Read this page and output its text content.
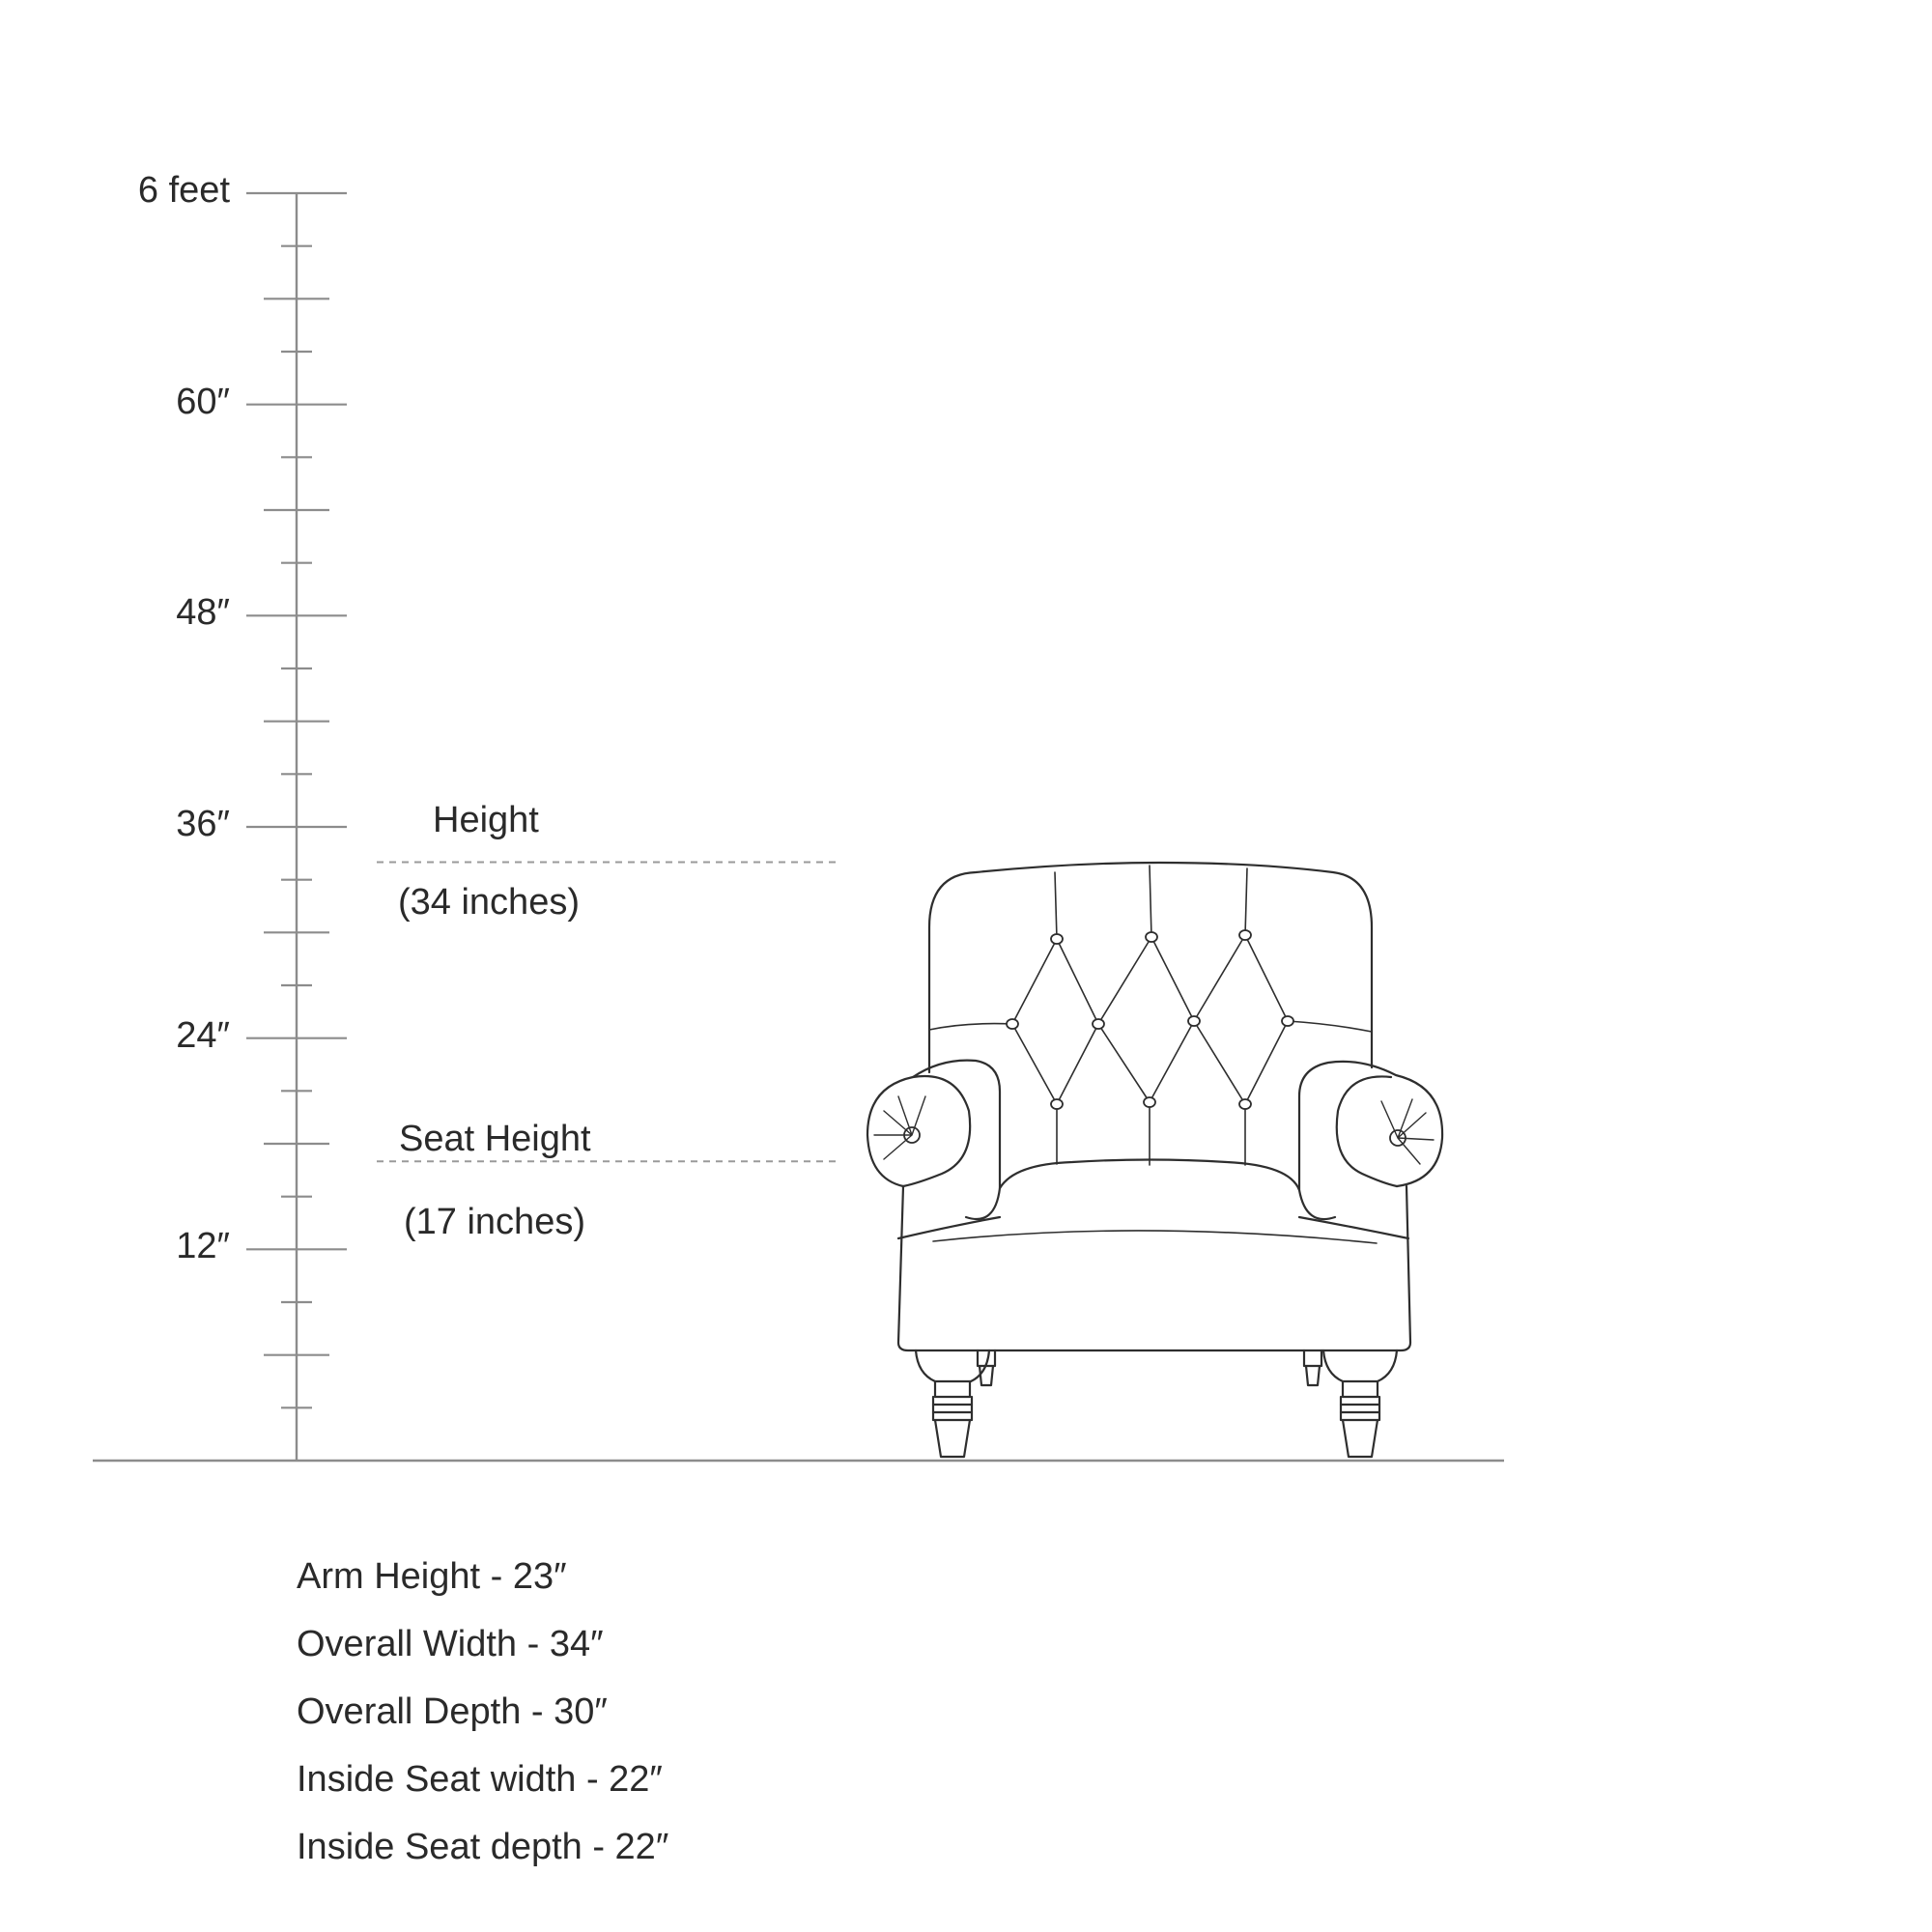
6 feet
60″
48″
36″
24″
12″
Height
(34 inches)
Seat Height
(17 inches)
Arm Height - 23″
Overall Width - 34″
Overall Depth - 30″
Inside Seat width - 22″
Inside Seat depth - 22″
